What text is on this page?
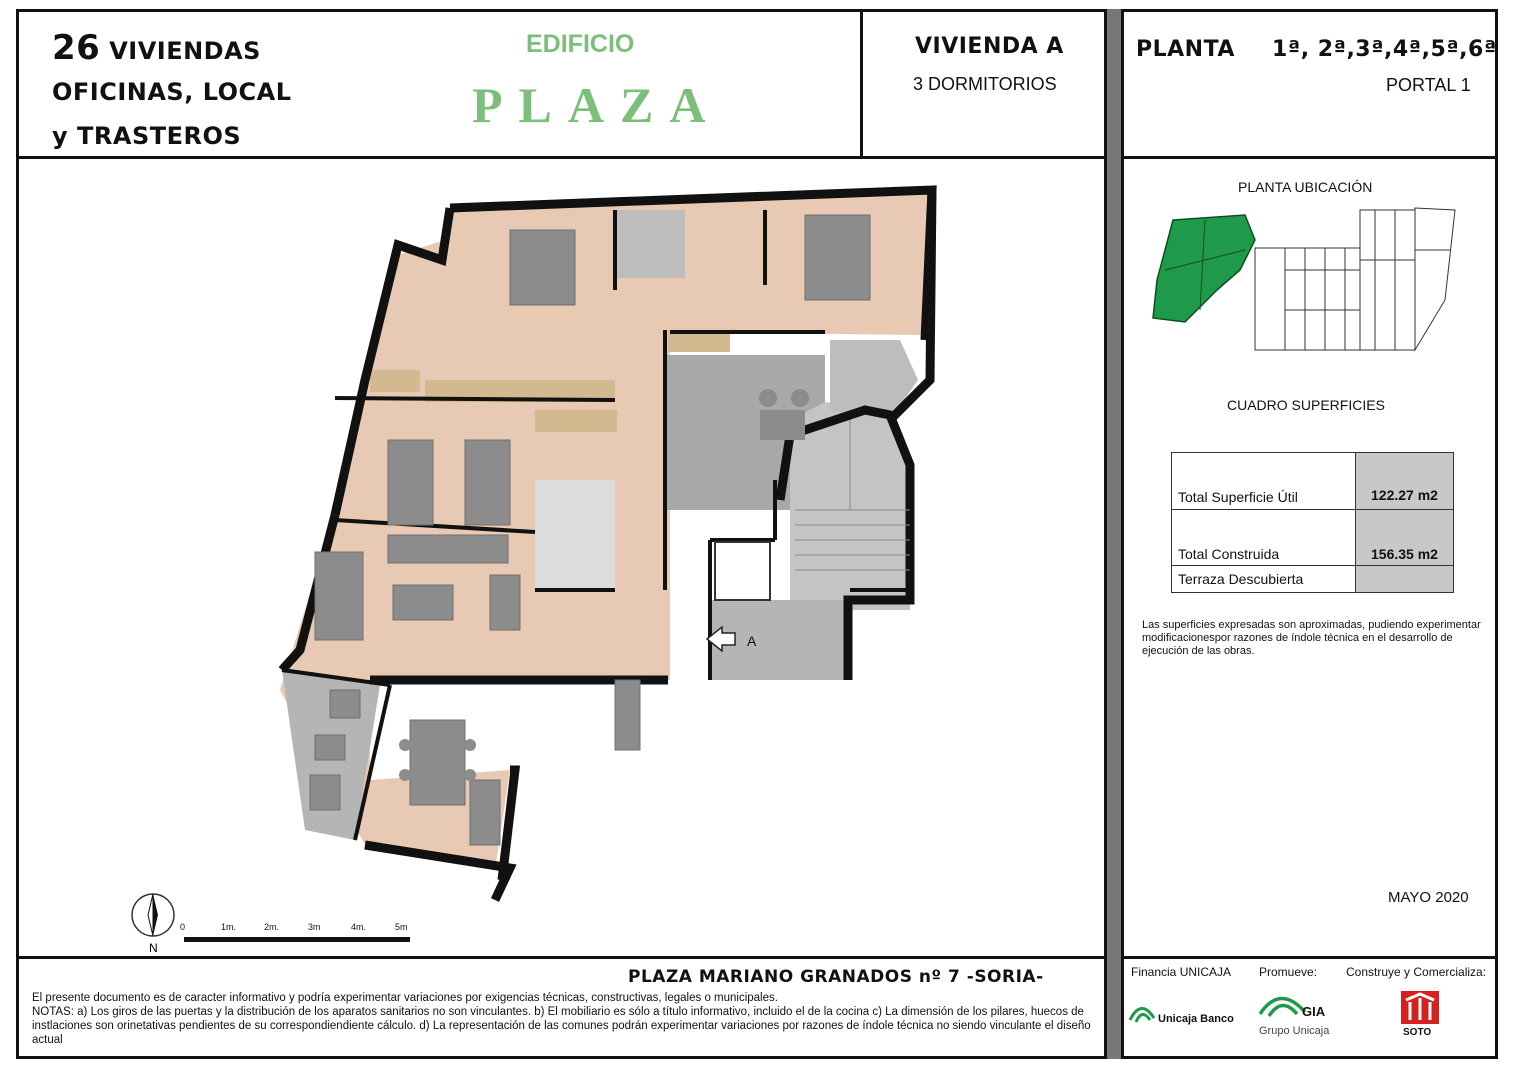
26 VIVIENDAS
OFICINAS, LOCAL
y TRASTEROS
EDIFICIO
PLAZA
VIVIENDA A
3 DORMITORIOS
PLANTA 1ª, 2ª,3ª,4ª,5ª,6ª
PORTAL 1
PLANTA UBICACIÓN
CUADRO SUPERFICIES
Total Superficie Útil	122.27 m2
Total Construida	156.35 m2
Terraza Descubierta	
Las superficies expresadas son aproximadas, pudiendo experimentar modificacionespor razones de índole técnica en el desarrollo de ejecución de las obras.
MAYO 2020
A
N
0	1m.	2m.	3m	4m.	5m
PLAZA MARIANO GRANADOS nº 7 -SORIA-
El presente documento es de caracter informativo y podría experimentar variaciones por exigencias técnicas, constructivas, legales o municipales.
NOTAS: a) Los giros de las puertas y la distribución de los aparatos sanitarios no son vinculantes. b) El mobiliario es sólo a título informativo, incluido el de la cocina c) La dimensión de los pilares, huecos de instlaciones son orinetativas pendientes de su correspondiendiente cálculo. d) La representación de las comunes podrán experimentar variaciones por razones de índole técnica no siendo vinculante el diseño actual
Financia UNICAJA Promueve: Construye y Comercializa:
Unicaja Banco	GIA
Grupo Unicaja	SOTO
